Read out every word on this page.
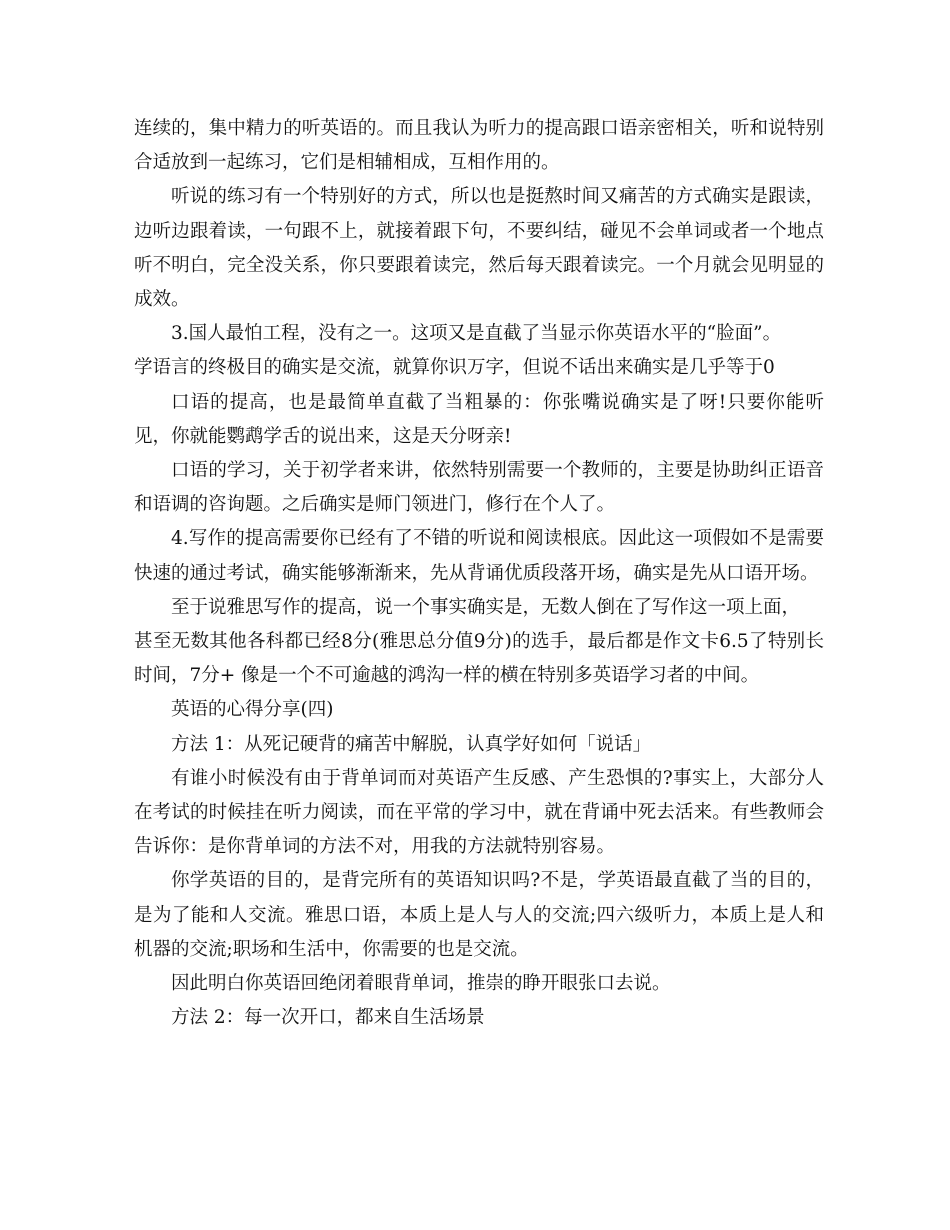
连续的，集中精力的听英语的。而且我认为听力的提高跟口语亲密相关，听和说特别合适放到一起练习，它们是相辅相成，互相作用的。

听说的练习有一个特别好的方式，所以也是挺熬时间又痛苦的方式确实是跟读，边听边跟着读，一句跟不上，就接着跟下句，不要纠结，碰见不会单词或者一个地点听不明白，完全没关系，你只要跟着读完，然后每天跟着读完。一个月就会见明显的成效。

3.国人最怕工程，没有之一。这项又是直截了当显示你英语水平的“脸面”。

学语言的终极目的确实是交流，就算你识万字，但说不话出来确实是几乎等于0

口语的提高，也是最简单直截了当粗暴的：你张嘴说确实是了呀!只要你能听见，你就能鹦鹉学舌的说出来，这是天分呀亲!

口语的学习，关于初学者来讲，依然特别需要一个教师的，主要是协助纠正语音和语调的咨询题。之后确实是师门领进门，修行在个人了。

4.写作的提高需要你已经有了不错的听说和阅读根底。因此这一项假如不是需要快速的通过考试，确实能够渐渐来，先从背诵优质段落开场，确实是先从口语开场。

至于说雅思写作的提高，说一个事实确实是，无数人倒在了写作这一项上面，

甚至无数其他各科都已经8分(雅思总分值9分)的选手，最后都是作文卡6.5了特别长时间，7分+ 像是一个不可逾越的鸿沟一样的横在特别多英语学习者的中间。

英语的心得分享(四)

方法 1：从死记硬背的痛苦中解脱，认真学好如何「说话」

有谁小时候没有由于背单词而对英语产生反感、产生恐惧的?事实上，大部分人在考试的时候挂在听力阅读，而在平常的学习中，就在背诵中死去活来。有些教师会告诉你：是你背单词的方法不对，用我的方法就特别容易。

你学英语的目的，是背完所有的英语知识吗?不是，学英语最直截了当的目的，是为了能和人交流。雅思口语，本质上是人与人的交流;四六级听力，本质上是人和机器的交流;职场和生活中，你需要的也是交流。

因此明白你英语回绝闭着眼背单词，推崇的睁开眼张口去说。

方法 2：每一次开口，都来自生活场景
